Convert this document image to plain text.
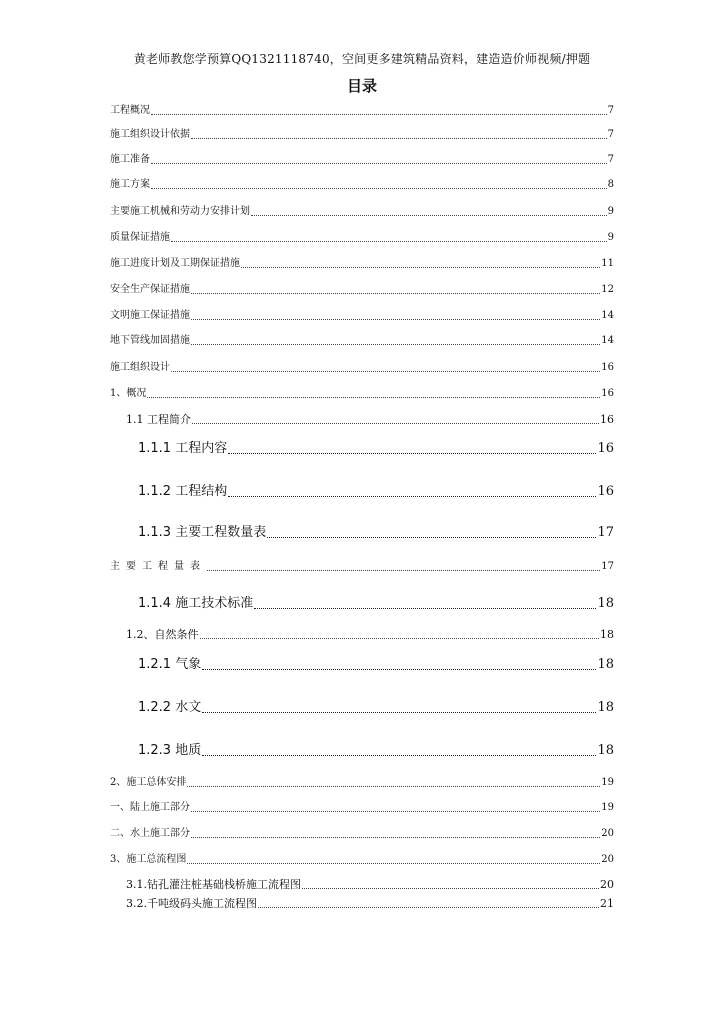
黄老师教您学预算QQ1321118740，空间更多建筑精品资料，建造造价师视频/押题
目录
工程概况	7
施工组织设计依据	7
施工准备	7
施工方案	8
主要施工机械和劳动力安排计划	9
质量保证措施	9
施工进度计划及工期保证措施	11
安全生产保证措施	12
文明施工保证措施	14
地下管线加固措施	14
施工组织设计	16
1、概况	16
1.1 工程简介	16
1.1.1 工程内容	16
1.1.2 工程结构	16
1.1.3 主要工程数量表	17
主要工程量表	17
1.1.4 施工技术标准	18
1.2、自然条件	18
1.2.1 气象	18
1.2.2 水文	18
1.2.3 地质	18
2、施工总体安排	19
一、陆上施工部分	19
二、水上施工部分	20
3、施工总流程图	20
3.1.钻孔灌注桩基础栈桥施工流程图	20
3.2.千吨级码头施工流程图	21
